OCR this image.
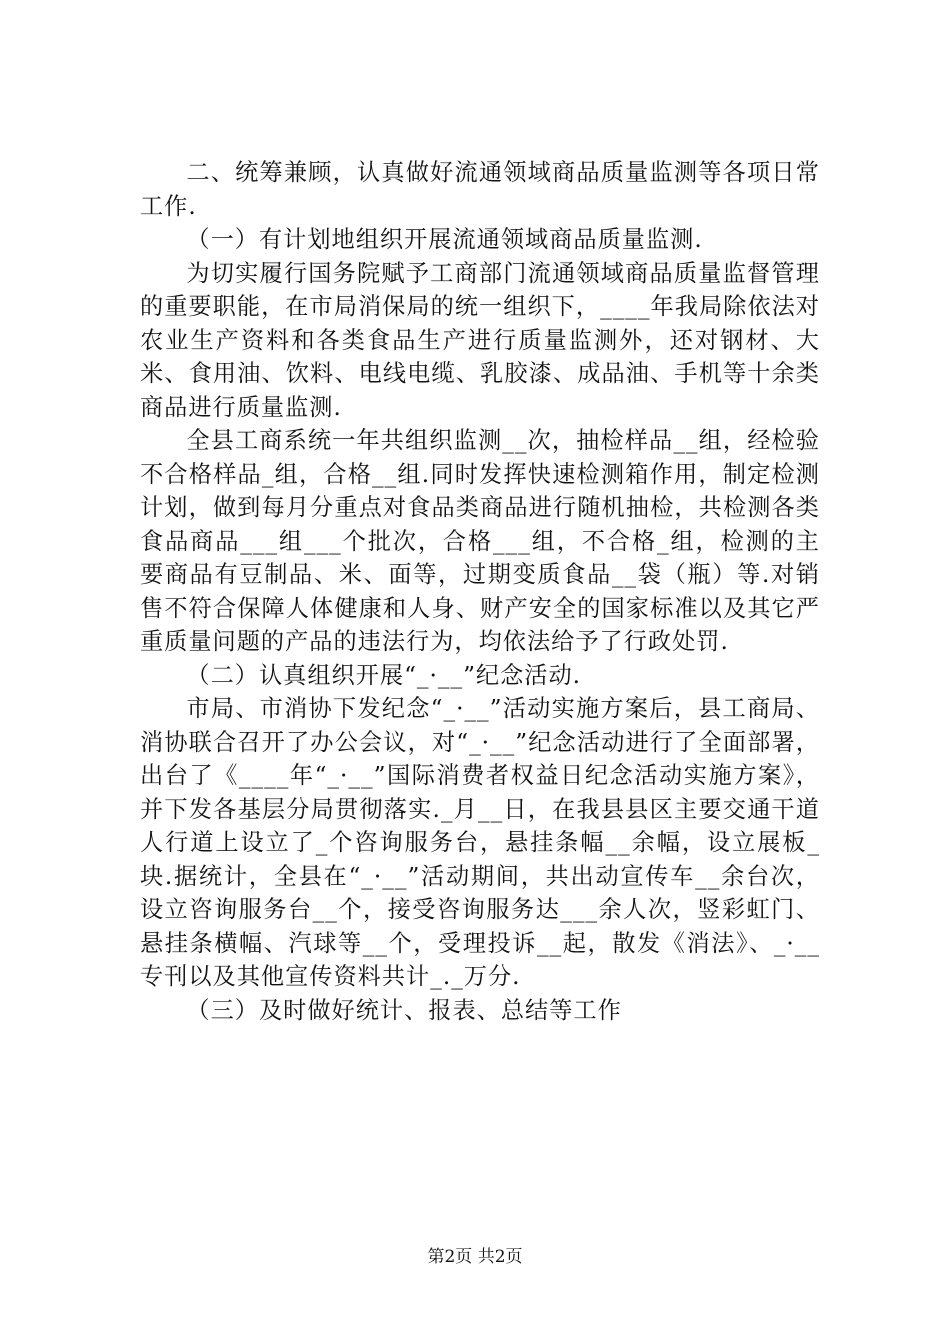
二、统筹兼顾，认真做好流通领域商品质量监测等各项日常工作.

（一）有计划地组织开展流通领域商品质量监测.

为切实履行国务院赋予工商部门流通领域商品质量监督管理的重要职能，在市局消保局的统一组织下，____年我局除依法对农业生产资料和各类食品生产进行质量监测外，还对钢材、大米、食用油、饮料、电线电缆、乳胶漆、成品油、手机等十余类商品进行质量监测.

全县工商系统一年共组织监测__次，抽检样品__组，经检验不合格样品_组，合格__组.同时发挥快速检测箱作用，制定检测计划，做到每月分重点对食品类商品进行随机抽检，共检测各类食品商品___组___个批次，合格___组，不合格_组，检测的主要商品有豆制品、米、面等，过期变质食品__袋（瓶）等.对销售不符合保障人体健康和人身、财产安全的国家标准以及其它严重质量问题的产品的违法行为，均依法给予了行政处罚.

（二）认真组织开展“_·__”纪念活动.

市局、市消协下发纪念“_·__”活动实施方案后，县工商局、消协联合召开了办公会议，对“_·__”纪念活动进行了全面部署，出台了《____年“_·__”国际消费者权益日纪念活动实施方案》，并下发各基层分局贯彻落实._月__日，在我县县区主要交通干道人行道上设立了_个咨询服务台，悬挂条幅__余幅，设立展板_块.据统计，全县在“_·__”活动期间，共出动宣传车__余台次，设立咨询服务台__个，接受咨询服务达___余人次，竖彩虹门、悬挂条横幅、汽球等__个，受理投诉__起，散发《消法》、_·__专刊以及其他宣传资料共计_._万分.

（三）及时做好统计、报表、总结等工作

第2页 共2页
